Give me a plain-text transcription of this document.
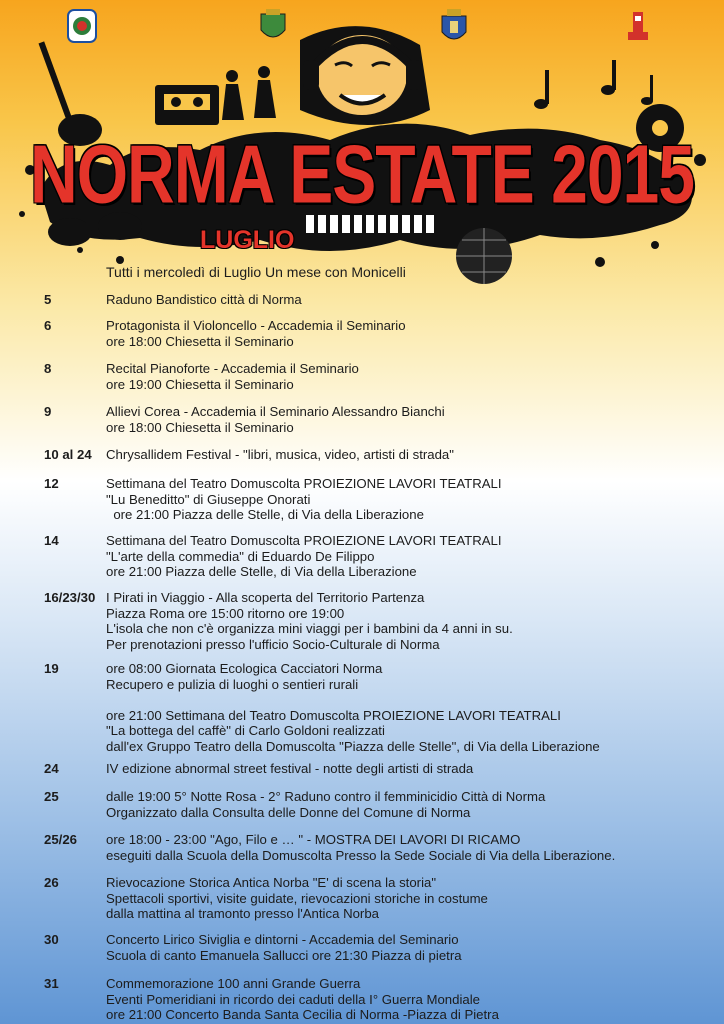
NORMA ESTATE 2015
LUGLIO
Tutti i mercoledì di Luglio Un mese con Monicelli
5	Raduno Bandistico città di Norma
6	Protagonista il Violoncello - Accademia il Seminario
ore 18:00 Chiesetta il Seminario
8	Recital Pianoforte - Accademia il Seminario
ore 19:00 Chiesetta il Seminario
9	Allievi Corea - Accademia il Seminario Alessandro Bianchi
ore 18:00 Chiesetta il Seminario
10 al 24 Chrysallidem Festival - "libri, musica, video, artisti di strada"
12	Settimana del Teatro Domuscolta PROIEZIONE LAVORI TEATRALI
"Lu Beneditto" di Giuseppe Onorati
ore 21:00 Piazza delle Stelle, di Via della Liberazione
14	Settimana del Teatro Domuscolta PROIEZIONE LAVORI TEATRALI
"L'arte della commedia" di Eduardo De Filippo
ore 21:00 Piazza delle Stelle, di Via della Liberazione
16/23/30 I Pirati in Viaggio - Alla scoperta del Territorio Partenza
Piazza Roma ore 15:00 ritorno ore 19:00
L'isola che non c'è organizza mini viaggi per i bambini da 4 anni in su.
Per prenotazioni presso l'ufficio Socio-Culturale di Norma
19	ore 08:00 Giornata Ecologica Cacciatori Norma
Recupero e pulizia di luoghi o sentieri rurali

ore 21:00 Settimana del Teatro Domuscolta PROIEZIONE LAVORI TEATRALI
"La bottega del caffè" di Carlo Goldoni realizzati
dall'ex Gruppo Teatro della Domuscolta "Piazza delle Stelle", di Via della Liberazione
24	IV edizione abnormal street festival - notte degli artisti di strada
25	dalle 19:00 5° Notte Rosa - 2° Raduno contro il femminicidio Città di Norma
Organizzato dalla Consulta delle Donne del Comune di Norma
25/26 ore 18:00 - 23:00 "Ago, Filo e … " - MOSTRA DEI LAVORI DI RICAMO
eseguiti dalla Scuola della Domuscolta Presso la Sede Sociale di Via della Liberazione.
26	Rievocazione Storica Antica Norba "E' di scena la storia"
Spettacoli sportivi, visite guidate, rievocazioni storiche in costume
dalla mattina al tramonto presso l'Antica Norba
30	Concerto Lirico Siviglia e dintorni - Accademia del Seminario
Scuola di canto Emanuela Sallucci ore 21:30 Piazza di pietra
31	Commemorazione 100 anni Grande Guerra
Eventi Pomeridiani in ricordo dei caduti della I° Guerra Mondiale
ore 21:00 Concerto Banda Santa Cecilia di Norma -Piazza di Pietra
